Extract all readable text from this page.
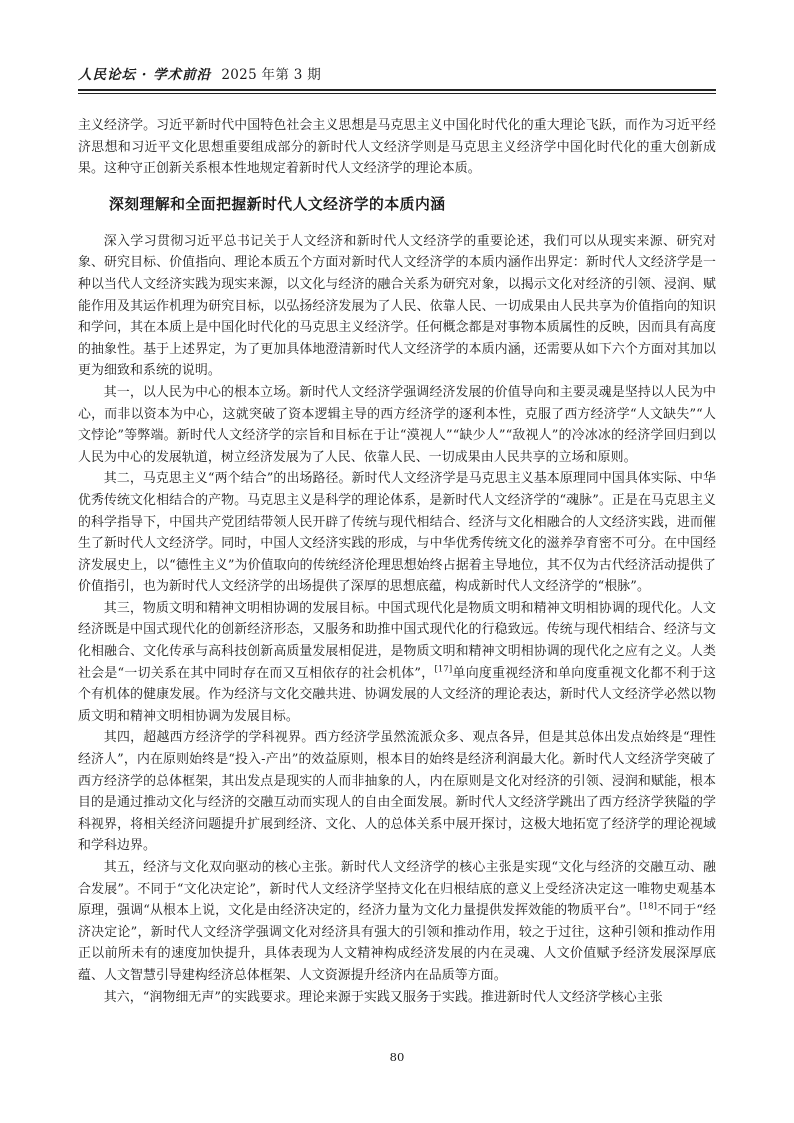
人民论坛 · 学术前沿 2025 年第 3 期

主义经济学。习近平新时代中国特色社会主义思想是马克思主义中国化时代化的重大理论飞跃，而作为习近平经济思想和习近平文化思想重要组成部分的新时代人文经济学则是马克思主义经济学中国化时代化的重大创新成果。这种守正创新关系根本性地规定着新时代人文经济学的理论本质。

深刻理解和全面把握新时代人文经济学的本质内涵

深入学习贯彻习近平总书记关于人文经济和新时代人文经济学的重要论述，我们可以从现实来源、研究对象、研究目标、价值指向、理论本质五个方面对新时代人文经济学的本质内涵作出界定：新时代人文经济学是一种以当代人文经济实践为现实来源，以文化与经济的融合关系为研究对象，以揭示文化对经济的引领、浸润、赋能作用及其运作机理为研究目标，以弘扬经济发展为了人民、依靠人民、一切成果由人民共享为价值指向的知识和学问，其在本质上是中国化时代化的马克思主义经济学。任何概念都是对事物本质属性的反映，因而具有高度的抽象性。基于上述界定，为了更加具体地澄清新时代人文经济学的本质内涵，还需要从如下六个方面对其加以更为细致和系统的说明。

其一，以人民为中心的根本立场。新时代人文经济学强调经济发展的价值导向和主要灵魂是坚持以人民为中心，而非以资本为中心，这就突破了资本逻辑主导的西方经济学的逐利本性，克服了西方经济学“人文缺失”“人文悖论”等弊端。新时代人文经济学的宗旨和目标在于让“漠视人”“缺少人”“敌视人”的冷冰冰的经济学回归到以人民为中心的发展轨道，树立经济发展为了人民、依靠人民、一切成果由人民共享的立场和原则。

其二，马克思主义“两个结合”的出场路径。新时代人文经济学是马克思主义基本原理同中国具体实际、中华优秀传统文化相结合的产物。马克思主义是科学的理论体系，是新时代人文经济学的“魂脉”。正是在马克思主义的科学指导下，中国共产党团结带领人民开辟了传统与现代相结合、经济与文化相融合的人文经济实践，进而催生了新时代人文经济学。同时，中国人文经济实践的形成，与中华优秀传统文化的滋养孕育密不可分。在中国经济发展史上，以“德性主义”为价值取向的传统经济伦理思想始终占据着主导地位，其不仅为古代经济活动提供了价值指引，也为新时代人文经济学的出场提供了深厚的思想底蕴，构成新时代人文经济学的“根脉”。

其三，物质文明和精神文明相协调的发展目标。中国式现代化是物质文明和精神文明相协调的现代化。人文经济既是中国式现代化的创新经济形态，又服务和助推中国式现代化的行稳致远。传统与现代相结合、经济与文化相融合、文化传承与高科技创新高质量发展相促进，是物质文明和精神文明相协调的现代化之应有之义。人类社会是“一切关系在其中同时存在而又互相依存的社会机体”，[17]单向度重视经济和单向度重视文化都不利于这个有机体的健康发展。作为经济与文化交融共进、协调发展的人文经济的理论表达，新时代人文经济学必然以物质文明和精神文明相协调为发展目标。

其四，超越西方经济学的学科视界。西方经济学虽然流派众多、观点各异，但是其总体出发点始终是“理性经济人”，内在原则始终是“投入-产出”的效益原则，根本目的始终是经济利润最大化。新时代人文经济学突破了西方经济学的总体框架，其出发点是现实的人而非抽象的人，内在原则是文化对经济的引领、浸润和赋能，根本目的是通过推动文化与经济的交融互动而实现人的自由全面发展。新时代人文经济学跳出了西方经济学狭隘的学科视界，将相关经济问题提升扩展到经济、文化、人的总体关系中展开探讨，这极大地拓宽了经济学的理论视域和学科边界。

其五，经济与文化双向驱动的核心主张。新时代人文经济学的核心主张是实现“文化与经济的交融互动、融合发展”。不同于“文化决定论”，新时代人文经济学坚持文化在归根结底的意义上受经济决定这一唯物史观基本原理，强调“从根本上说，文化是由经济决定的，经济力量为文化力量提供发挥效能的物质平台”。[18]不同于“经济决定论”，新时代人文经济学强调文化对经济具有强大的引领和推动作用，较之于过往，这种引领和推动作用正以前所未有的速度加快提升，具体表现为人文精神构成经济发展的内在灵魂、人文价值赋予经济发展深厚底蕴、人文智慧引导建构经济总体框架、人文资源提升经济内在品质等方面。

其六，“润物细无声”的实践要求。理论来源于实践又服务于实践。推进新时代人文经济学核心主张

80
